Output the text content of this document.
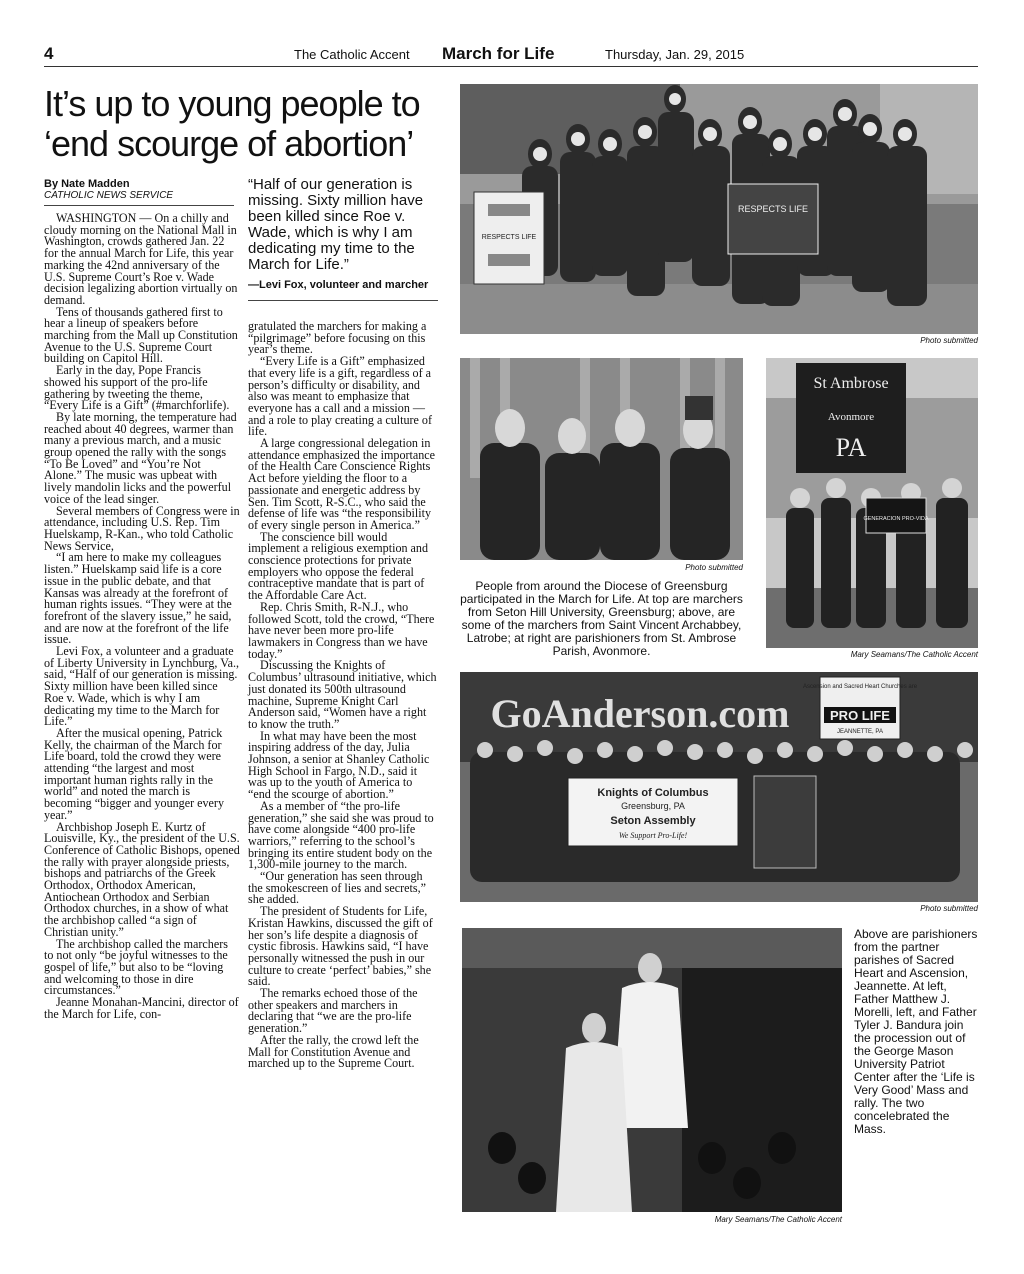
4	The Catholic Accent March for Life	Thursday, Jan. 29, 2015
It’s up to young people to ‘end scourge of abortion’
By Nate Madden
CATHOLIC NEWS SERVICE

WASHINGTON — On a chilly and cloudy morning on the National Mall in Washington, crowds gathered Jan. 22 for the annual March for Life, this year marking the 42nd anniversary of the U.S. Supreme Court’s Roe v. Wade decision legalizing abortion virtually on demand.

Tens of thousands gathered first to hear a lineup of speakers before marching from the Mall up Constitution Avenue to the U.S. Supreme Court building on Capitol Hill.

Early in the day, Pope Francis showed his support of the pro-life gathering by tweeting the theme, “Every Life is a Gift” (#marchforlife).

By late morning, the temperature had reached about 40 degrees, warmer than many a previous march, and a music group opened the rally with the songs “To Be Loved” and “You’re Not Alone.” The music was upbeat with lively mandolin licks and the powerful voice of the lead singer.

Several members of Congress were in attendance, including U.S. Rep. Tim Huelskamp, R-Kan., who told Catholic News Service,

“I am here to make my colleagues listen.” Huelskamp said life is a core issue in the public debate, and that Kansas was already at the forefront of human rights issues. “They were at the forefront of the slavery issue,” he said, and are now at the forefront of the life issue.

Levi Fox, a volunteer and a graduate of Liberty University in Lynchburg, Va., said, “Half of our generation is missing. Sixty million have been killed since Roe v. Wade, which is why I am dedicating my time to the March for Life.”

After the musical opening, Patrick Kelly, the chairman of the March for Life board, told the crowd they were attending “the largest and most important human rights rally in the world” and noted the march is becoming “bigger and younger every year.”

Archbishop Joseph E. Kurtz of Louisville, Ky., the president of the U.S. Conference of Catholic Bishops, opened the rally with prayer alongside priests, bishops and patriarchs of the Greek Orthodox, Orthodox American, Antiochean Orthodox and Serbian Orthodox churches, in a show of what the archbishop called “a sign of Christian unity.”

The archbishop called the marchers to not only “be joyful witnesses to the gospel of life,” but also to be “loving and welcoming to those in dire circumstances.”

Jeanne Monahan-Mancini, director of the March for Life, con-

“Half of our generation is missing. Sixty million have been killed since Roe v. Wade, which is why I am dedicating my time to the March for Life.”
—Levi Fox, volunteer and marcher

gratulated the marchers for making a “pilgrimage” before focusing on this year’s theme.

“Every Life is a Gift” emphasized that every life is a gift, regardless of a person’s difficulty or disability, and also was meant to emphasize that everyone has a call and a mission — and a role to play creating a culture of life.

A large congressional delegation in attendance emphasized the importance of the Health Care Conscience Rights Act before yielding the floor to a passionate and energetic address by Sen. Tim Scott, R-S.C., who said the defense of life was “the responsibility of every single person in America.”

The conscience bill would implement a religious exemption and conscience protections for private employers who oppose the federal contraceptive mandate that is part of the Affordable Care Act.

Rep. Chris Smith, R-N.J., who followed Scott, told the crowd, “There have never been more pro-life lawmakers in Congress than we have today.”

Discussing the Knights of Columbus’ ultrasound initiative, which just donated its 500th ultrasound machine, Supreme Knight Carl Anderson said, “Women have a right to know the truth.”

In what may have been the most inspiring address of the day, Julia Johnson, a senior at Shanley Catholic High School in Fargo, N.D., said it was up to the youth of America to “end the scourge of abortion.”

As a member of “the pro-life generation,” she said she was proud to have come alongside “400 pro-life warriors,” referring to the school’s bringing its entire student body on the 1,300-mile journey to the march.

“Our generation has seen through the smokescreen of lies and secrets,” she added.

The president of Students for Life, Kristan Hawkins, discussed the gift of her son’s life despite a diagnosis of cystic fibrosis. Hawkins said, “I have personally witnessed the push in our culture to create ‘perfect’ babies,” she said.

The remarks echoed those of the other speakers and marchers in declaring that “we are the pro-life generation.”

After the rally, the crowd left the Mall for Constitution Avenue and marched up to the Supreme Court.

RESPECTS LIFE
RESPECTS LIFE
Photo submitted
Photo submitted
People from around the Diocese of Greensburg participated in the March for Life. At top are marchers from Seton Hill University, Greensburg; above, are some of the marchers from Saint Vincent Archabbey, Latrobe; at right are parishioners from St. Ambrose Parish, Avonmore.
St Ambrose
Avonmore
PA
GENERACION PRO-VIDA
Mary Seamans/The Catholic Accent
GoAnderson.com
Ascension and Sacred Heart Churches are
PRO LIFE
JEANNETTE, PA
Knights of Columbus
Greensburg, PA
Seton Assembly
We Support Pro-Life!
Photo submitted
Mary Seamans/The Catholic Accent
Above are parishioners from the partner parishes of Sacred Heart and Ascension, Jeannette. At left, Father Matthew J. Morelli, left, and Father Tyler J. Bandura join the procession out of the George Mason University Patriot Center after the ‘Life is Very Good’ Mass and rally. The two concelebrated the Mass.
